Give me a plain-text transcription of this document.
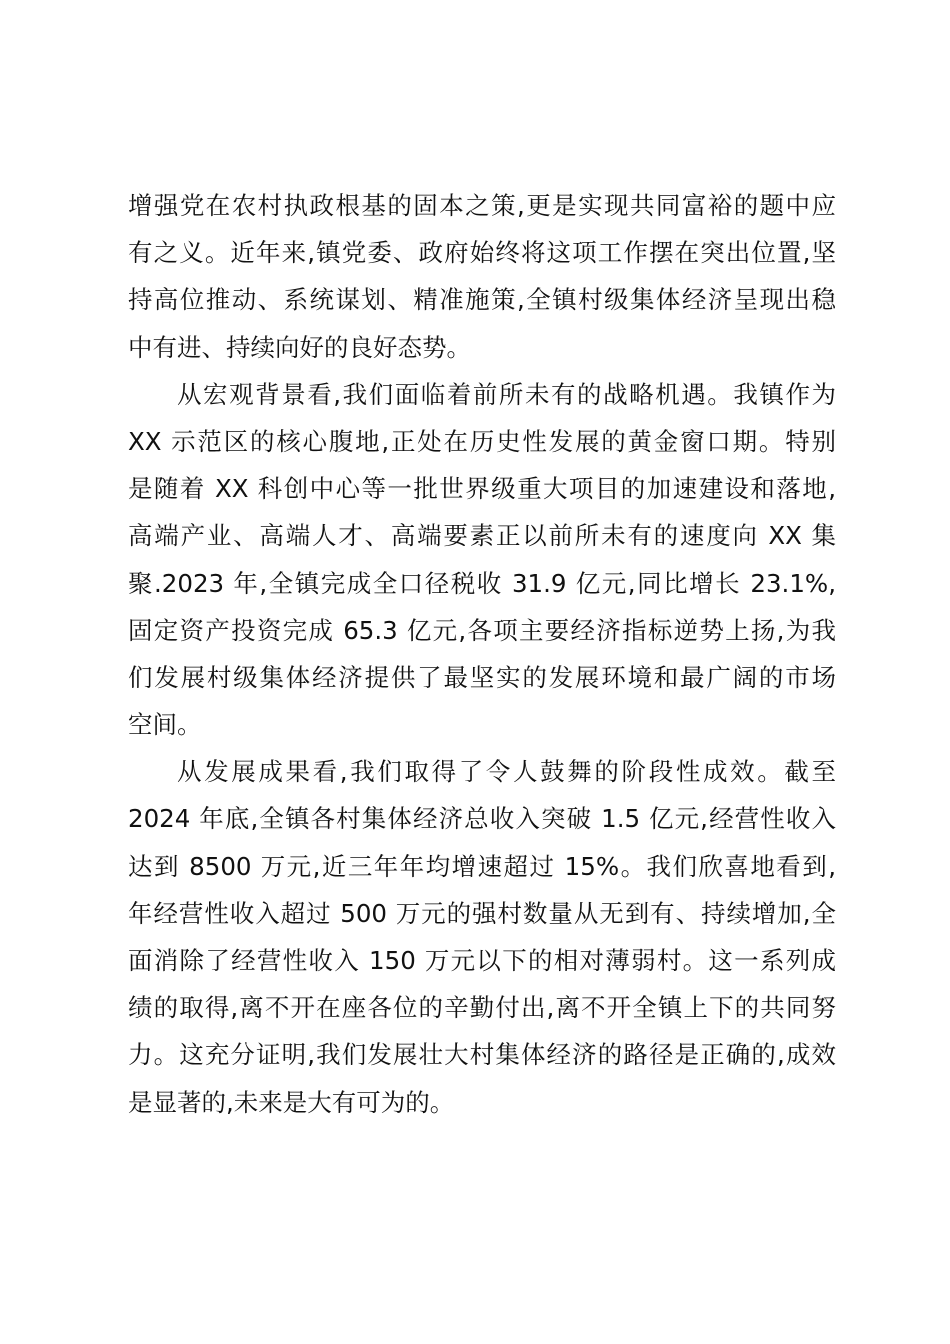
增强党在农村执政根基的固本之策,更是实现共同富裕的题中应
有之义。近年来,镇党委、政府始终将这项工作摆在突出位置,坚
持高位推动、系统谋划、精准施策,全镇村级集体经济呈现出稳
中有进、持续向好的良好态势。
从宏观背景看,我们面临着前所未有的战略机遇。我镇作为
XX 示范区的核心腹地,正处在历史性发展的黄金窗口期。特别
是随着 XX 科创中心等一批世界级重大项目的加速建设和落地,
高端产业、高端人才、高端要素正以前所未有的速度向 XX 集
聚.2023 年,全镇完成全口径税收 31.9 亿元,同比增长 23.1%,
固定资产投资完成 65.3 亿元,各项主要经济指标逆势上扬,为我
们发展村级集体经济提供了最坚实的发展环境和最广阔的市场
空间。
从发展成果看,我们取得了令人鼓舞的阶段性成效。截至
2024 年底,全镇各村集体经济总收入突破 1.5 亿元,经营性收入
达到 8500 万元,近三年年均增速超过 15%。我们欣喜地看到,
年经营性收入超过 500 万元的强村数量从无到有、持续增加,全
面消除了经营性收入 150 万元以下的相对薄弱村。这一系列成
绩的取得,离不开在座各位的辛勤付出,离不开全镇上下的共同努
力。这充分证明,我们发展壮大村集体经济的路径是正确的,成效
是显著的,未来是大有可为的。
